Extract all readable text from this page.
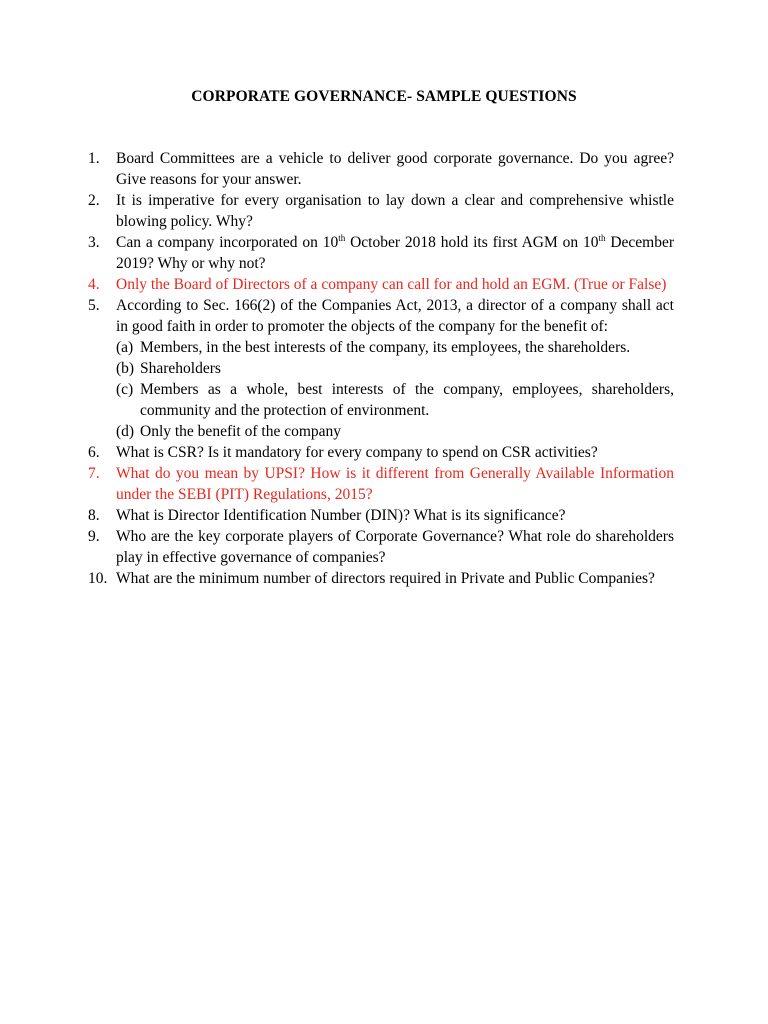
CORPORATE GOVERNANCE- SAMPLE QUESTIONS
1.	Board Committees are a vehicle to deliver good corporate governance. Do you agree? Give reasons for your answer.
2.	It is imperative for every organisation to lay down a clear and comprehensive whistle blowing policy. Why?
3.	Can a company incorporated on 10th October 2018 hold its first AGM on 10th December 2019? Why or why not?
4.	Only the Board of Directors of a company can call for and hold an EGM. (True or False)
5.	According to Sec. 166(2) of the Companies Act, 2013, a director of a company shall act in good faith in order to promoter the objects of the company for the benefit of:
(a) Members, in the best interests of the company, its employees, the shareholders.
(b) Shareholders
(c) Members as a whole, best interests of the company, employees, shareholders, community and the protection of environment.
(d) Only the benefit of the company
6.	What is CSR? Is it mandatory for every company to spend on CSR activities?
7.	What do you mean by UPSI? How is it different from Generally Available Information under the SEBI (PIT) Regulations, 2015?
8.	What is Director Identification Number (DIN)? What is its significance?
9.	Who are the key corporate players of Corporate Governance? What role do shareholders play in effective governance of companies?
10. What are the minimum number of directors required in Private and Public Companies?
